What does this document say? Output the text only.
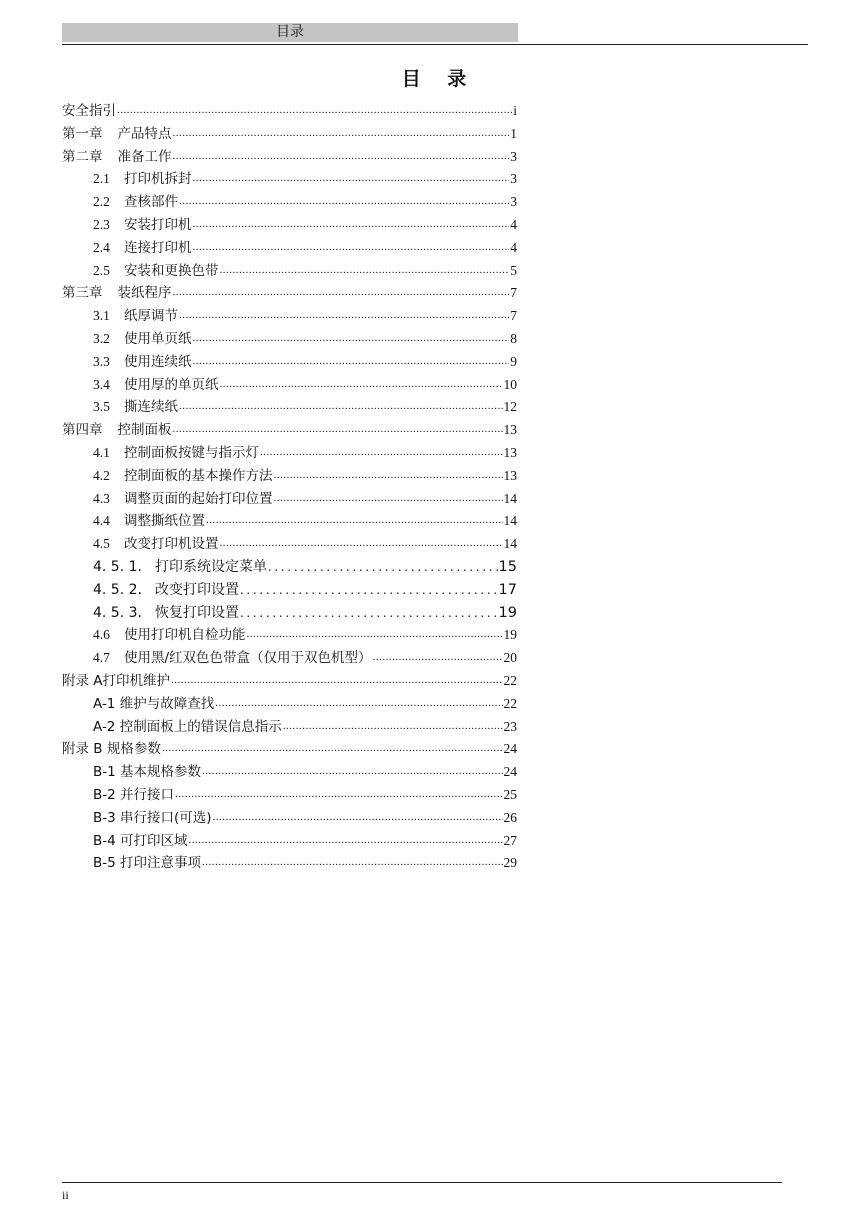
目录
目 录
安全指引 .....	i
第一章 产品特点 .....	1
第二章 准备工作 .....	3
2.1	打印机拆封 .....	3
2.2	查核部件 .....	3
2.3	安装打印机 .....	4
2.4	连接打印机 .....	4
2.5	安装和更换色带 .....	5
第三章 装纸程序 .....	7
3.1	纸厚调节 .....	7
3.2	使用单页纸 .....	8
3.3	使用连续纸 .....	9
3.4	使用厚的单页纸 .....	10
3.5	撕连续纸 .....	12
第四章 控制面板 .....	13
4.1	控制面板按键与指示灯 .....	13
4.2	控制面板的基本操作方法 .....	13
4.3	调整页面的起始打印位置 .....	14
4.4	调整撕纸位置 .....	14
4.5	改变打印机设置 .....	14
4. 5. 1. 打印系统设定菜单 .....	15
4. 5. 2. 改变打印设置 .....	17
4. 5. 3. 恢复打印设置 .....	19
4.6	使用打印机自检功能 .....	19
4.7	使用黑/红双色色带盒（仅用于双色机型） .....	20
附录 A打印机维护 .....	22
A-1 维护与故障查找 .....	22
A-2 控制面板上的错误信息指示 .....	23
附录 B 规格参数 .....	24
B-1 基本规格参数 .....	24
B-2 并行接口 .....	25
B-3 串行接口(可选) .....	26
B-4 可打印区域 .....	27
B-5 打印注意事项 .....	29
ii
